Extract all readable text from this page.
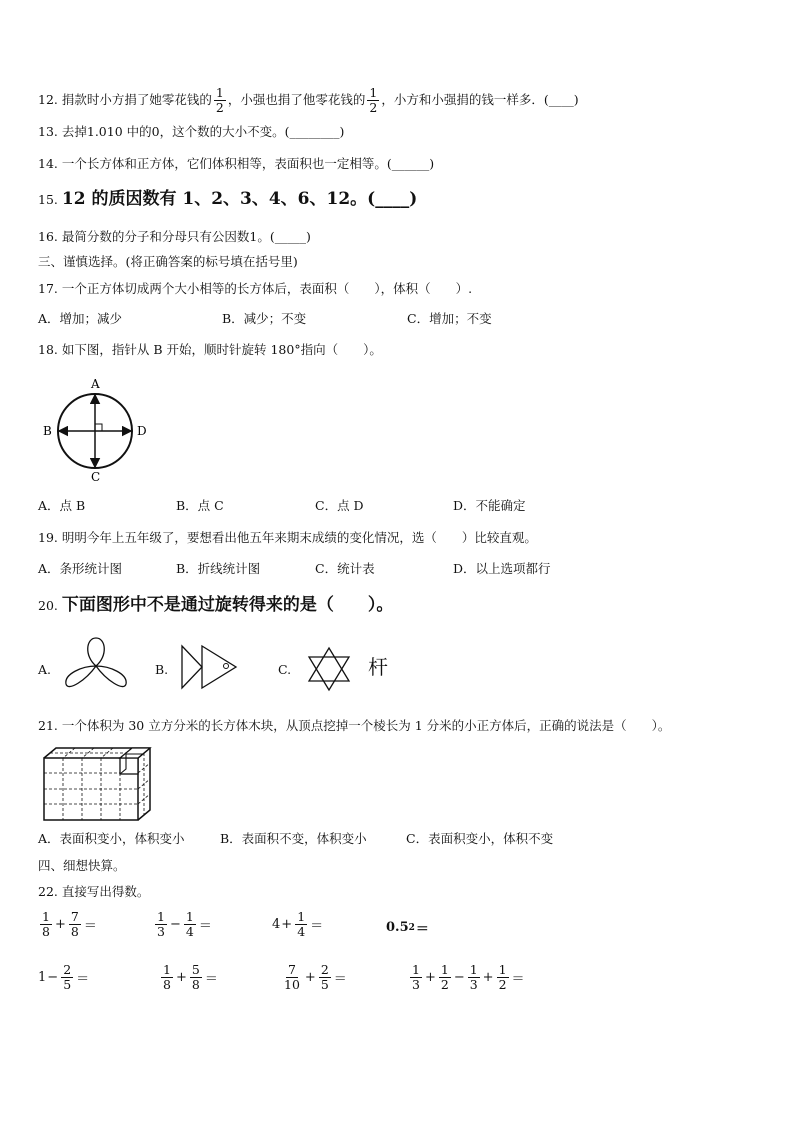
12. 捐款时小方捐了她零花钱的 $\frac{1}{2}$ ，小强也捐了他零花钱的 $\frac{1}{2}$ ，小方和小强捐的钱一样多．(____)
13. 去掉1.010 中的0，这个数的大小不变。(________)
14. 一个长方体和正方体，它们体积相等，表面积也一定相等。(______)
15. 12 的质因数有 1、2、3、4、6、12。(____)
16. 最简分数的分子和分母只有公因数1。(_____)
三、谨慎选择。(将正确答案的标号填在括号里)
17. 一个正方体切成两个大小相等的长方体后，表面积（　　），体积（　　）.
A．增加；减少	B．减少；不变	C．增加；不变
18. 如下图，指针从 B 开始，顺时针旋转 180°指向（　　）。
A
B
C
D
A．点 B	B．点 C	C．点 D	D．不能确定
19. 明明今年上五年级了，要想看出他五年来期末成绩的变化情况，选（　　）比较直观。
A．条形统计图	B．折线统计图	C．统计表	D．以上选项都行
20. 下面图形中不是通过旋转得来的是（　　）。
A.	B.	C.	杆
21. 一个体积为 30 立方分米的长方体木块，从顶点挖掉一个棱长为 1 分米的小正方体后，正确的说法是（　　）。
A．表面积变小，体积变小	B．表面积不变，体积变小	C．表面积变小，体积不变
四、细想快算。
22. 直接写出得数。
$\frac{1}{8} + \frac{7}{8}$ ＝	$\frac{1}{3} - \frac{1}{4}$ ＝	$4 + \frac{1}{4}$ ＝	0.5 2 ＝
$1 - \frac{2}{5}$ ＝	$\frac{1}{8} + \frac{5}{8}$ ＝	$\frac{7}{10} + \frac{2}{5}$ ＝	$\frac{1}{3} + \frac{1}{2} - \frac{1}{3} + \frac{1}{2}$ ＝
